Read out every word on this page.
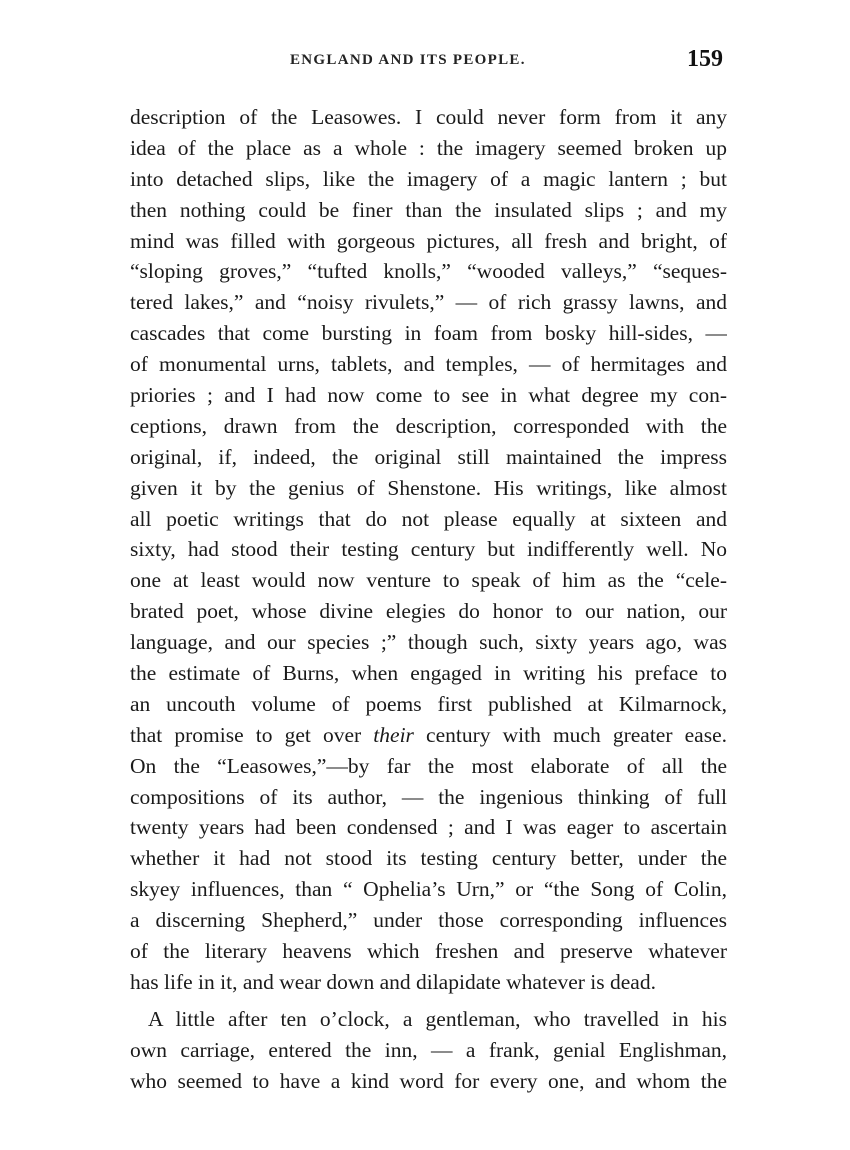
ENGLAND AND ITS PEOPLE.	159
description of the Leasowes. I could never form from it any
idea of the place as a whole : the imagery seemed broken up
into detached slips, like the imagery of a magic lantern ; but
then nothing could be finer than the insulated slips ; and my
mind was filled with gorgeous pictures, all fresh and bright, of
“sloping groves,” “tufted knolls,” “wooded valleys,” “seques-
tered lakes,” and “noisy rivulets,” — of rich grassy lawns, and
cascades that come bursting in foam from bosky hill-sides, —
of monumental urns, tablets, and temples, — of hermitages and
priories ; and I had now come to see in what degree my con-
ceptions, drawn from the description, corresponded with the
original, if, indeed, the original still maintained the impress
given it by the genius of Shenstone. His writings, like almost
all poetic writings that do not please equally at sixteen and
sixty, had stood their testing century but indifferently well. No
one at least would now venture to speak of him as the “cele-
brated poet, whose divine elegies do honor to our nation, our
language, and our species ;” though such, sixty years ago, was
the estimate of Burns, when engaged in writing his preface to
an uncouth volume of poems first published at Kilmarnock,
that promise to get over their century with much greater ease.
On the “Leasowes,”—by far the most elaborate of all the
compositions of its author, — the ingenious thinking of full
twenty years had been condensed ; and I was eager to ascertain
whether it had not stood its testing century better, under the
skyey influences, than “ Ophelia’s Urn,” or “the Song of Colin,
a discerning Shepherd,” under those corresponding influences
of the literary heavens which freshen and preserve whatever
has life in it, and wear down and dilapidate whatever is dead.
A little after ten o’clock, a gentleman, who travelled in his
own carriage, entered the inn, — a frank, genial Englishman,
who seemed to have a kind word for every one, and whom the
